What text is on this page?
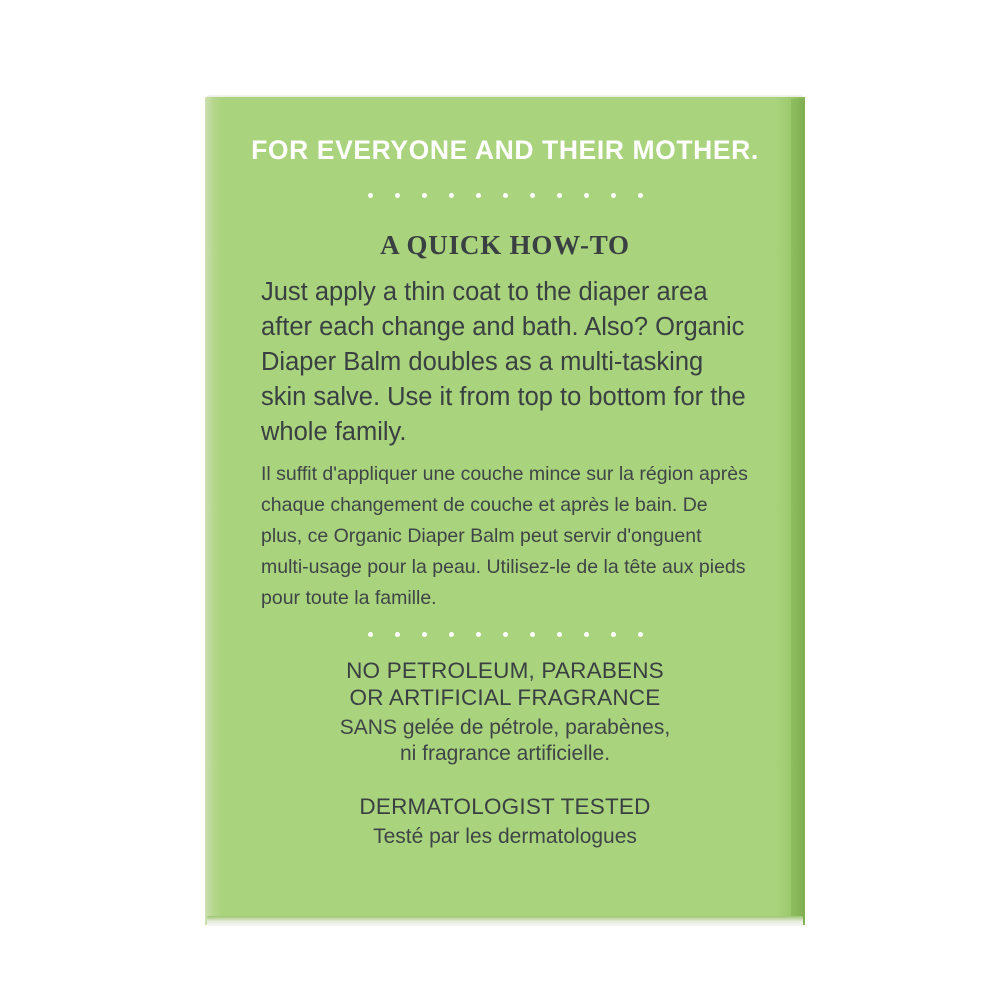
FOR EVERYONE AND THEIR MOTHER.
A QUICK HOW-TO
Just apply a thin coat to the diaper area after each change and bath. Also? Organic Diaper Balm doubles as a multi-tasking skin salve. Use it from top to bottom for the whole family.
Il suffit d'appliquer une couche mince sur la région après chaque changement de couche et après le bain. De plus, ce Organic Diaper Balm peut servir d'onguent multi-usage pour la peau. Utilisez-le de la tête aux pieds pour toute la famille.
NO PETROLEUM, PARABENS
OR ARTIFICIAL FRAGRANCE
SANS gelée de pétrole, parabènes,
ni fragrance artificielle.
DERMATOLOGIST TESTED
Testé par les dermatologues
